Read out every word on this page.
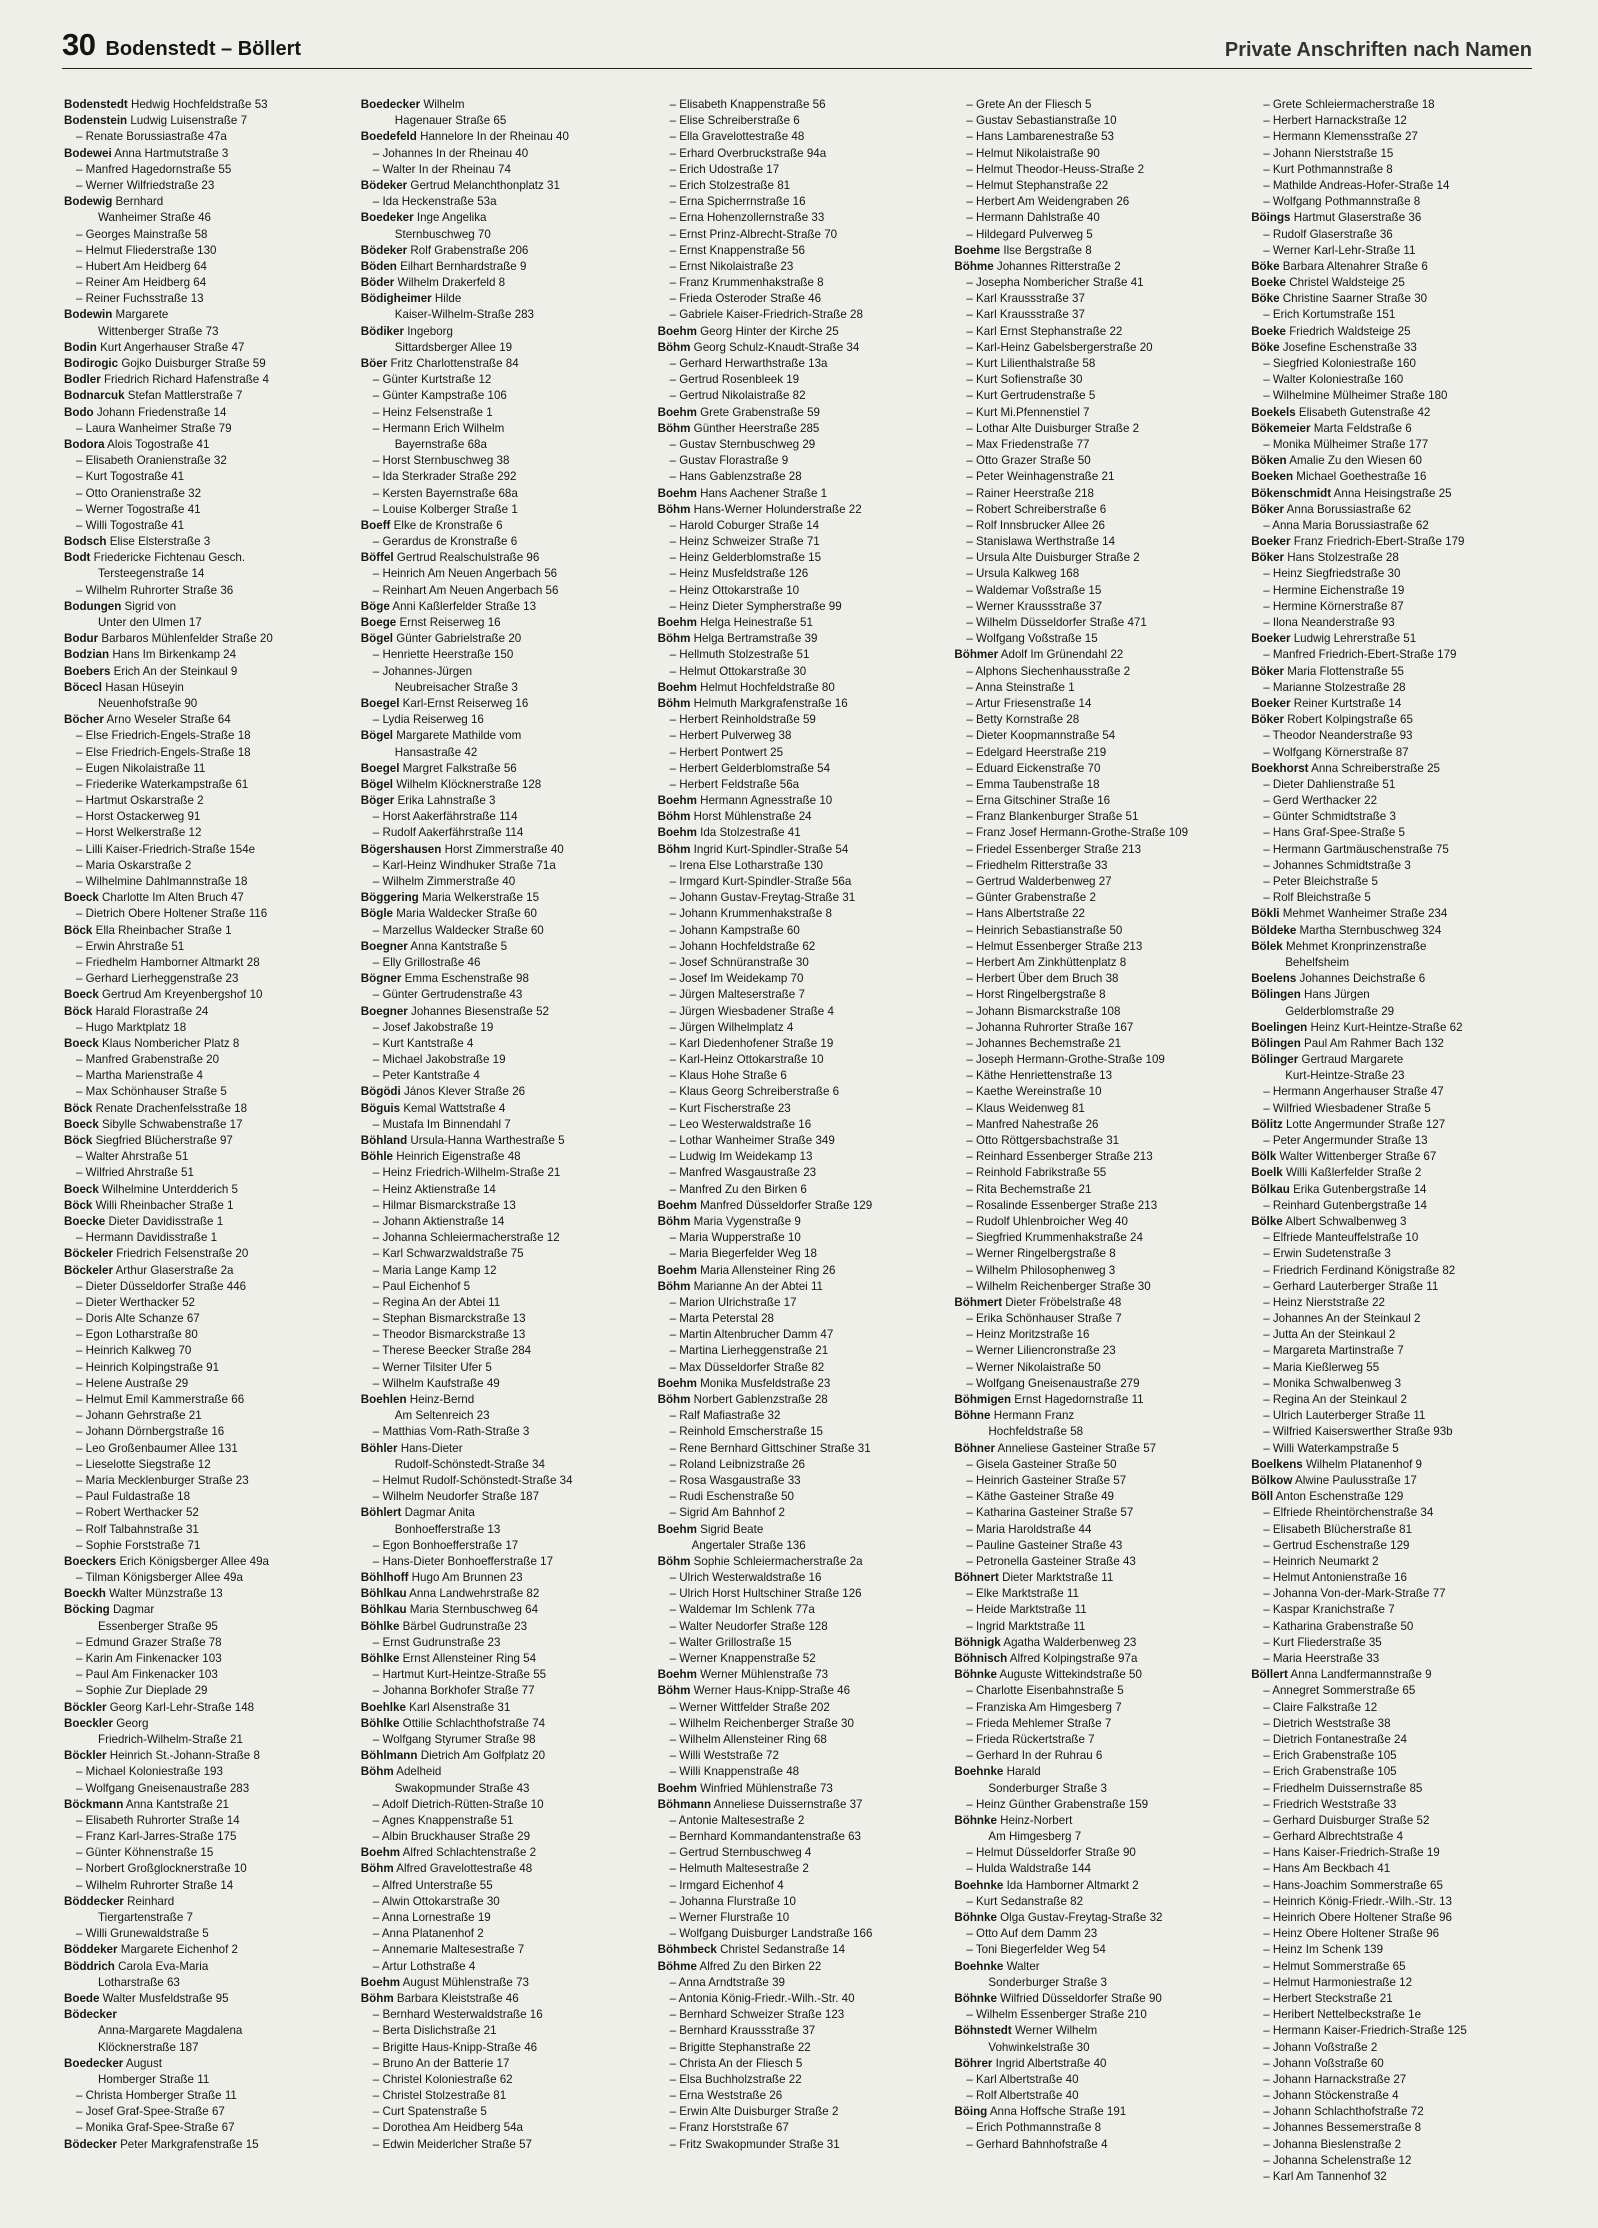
30 Bodenstedt – Böllert	Private Anschriften nach Namen
Bodenstedt Hedwig Hochfeldstraße 53
Bodenstein Ludwig Luisenstraße 7
– Renate Borussiastraße 47a
Bodewei Anna Hartmutstraße 3
– Manfred Hagedornstraße 55
– Werner Wilfriedstraße 23
Bodewig Bernhard
Wanheimer Straße 46
– Georges Mainstraße 58
– Helmut Fliederstraße 130
– Hubert Am Heidberg 64
– Reiner Am Heidberg 64
– Reiner Fuchsstraße 13
Bodewin Margarete
Wittenberger Straße 73
Bodin Kurt Angerhauser Straße 47
Bodirogic Gojko Duisburger Straße 59
Bodler Friedrich Richard Hafenstraße 4
Bodnarcuk Stefan Mattlerstraße 7
Bodo Johann Friedenstraße 14
– Laura Wanheimer Straße 79
Bodora Alois Togostraße 41
– Elisabeth Oranienstraße 32
– Kurt Togostraße 41
– Otto Oranienstraße 32
– Werner Togostraße 41
– Willi Togostraße 41
Bodsch Elise Elsterstraße 3
Bodt Friedericke Fichtenau Gesch.
Tersteegenstraße 14
– Wilhelm Ruhrorter Straße 36
Bodungen Sigrid von
Unter den Ulmen 17
Bodur Barbaros Mühlenfelder Straße 20
Bodzian Hans Im Birkenkamp 24
Boebers Erich An der Steinkaul 9
Böcecl Hasan Hüseyin
Neuenhofstraße 90
Böcher Arno Weseler Straße 64
– Else Friedrich-Engels-Straße 18
– Else Friedrich-Engels-Straße 18
– Eugen Nikolaistraße 11
– Friederike Waterkampstraße 61
– Hartmut Oskarstraße 2
– Horst Ostackerweg 91
– Horst Welkerstraße 12
– Lilli Kaiser-Friedrich-Straße 154e
– Maria Oskarstraße 2
– Wilhelmine Dahlmannstraße 18
Boeck Charlotte Im Alten Bruch 47
– Dietrich Obere Holtener Straße 116
Böck Ella Rheinbacher Straße 1
– Erwin Ahrstraße 51
– Friedhelm Hamborner Altmarkt 28
– Gerhard Lierheggenstraße 23
Boeck Gertrud Am Kreyenbergshof 10
Böck Harald Florastraße 24
– Hugo Marktplatz 18
Boeck Klaus Nombericher Platz 8
– Manfred Grabenstraße 20
– Martha Marienstraße 4
– Max Schönhauser Straße 5
Böck Renate Drachenfelsstraße 18
Boeck Sibylle Schwabenstraße 17
Böck Siegfried Blücherstraße 97
– Walter Ahrstraße 51
– Wilfried Ahrstraße 51
Boeck Wilhelmine Unterdderich 5
Böck Willi Rheinbacher Straße 1
Boecke Dieter Davidisstraße 1
– Hermann Davidisstraße 1
Böckeler Friedrich Felsenstraße 20
Böckeler Arthur Glaserstraße 2a
– Dieter Düsseldorfer Straße 446
– Dieter Werthacker 52
– Doris Alte Schanze 67
– Egon Lotharstraße 80
– Heinrich Kalkweg 70
– Heinrich Kolpingstraße 91
– Helene Austraße 29
– Helmut Emil Kammerstraße 66
– Johann Gehrstraße 21
– Johann Dörnbergstraße 16
– Leo Großenbaumer Allee 131
– Lieselotte Siegstraße 12
– Maria Mecklenburger Straße 23
– Paul Fuldastraße 18
– Robert Werthacker 52
– Rolf Talbahnstraße 31
– Sophie Forststraße 71
Boeckers Erich Königsberger Allee 49a
– Tilman Königsberger Allee 49a
Boeckh Walter Münzstraße 13
Böcking Dagmar
Essenberger Straße 95
– Edmund Grazer Straße 78
– Karin Am Finkenacker 103
– Paul Am Finkenacker 103
– Sophie Zur Dieplade 29
Böckler Georg Karl-Lehr-Straße 148
Boeckler Georg
Friedrich-Wilhelm-Straße 21
Böckler Heinrich St.-Johann-Straße 8
– Michael Koloniestraße 193
– Wolfgang Gneisenaustraße 283
Böckmann Anna Kantstraße 21
– Elisabeth Ruhrorter Straße 14
– Franz Karl-Jarres-Straße 175
– Günter Köhnenstraße 15
– Norbert Großglocknerstraße 10
– Wilhelm Ruhrorter Straße 14
Böddecker Reinhard
Tiergartenstraße 7
– Willi Grunewaldstraße 5
Böddeker Margarete Eichenhof 2
Böddrich Carola Eva-Maria
Lotharstraße 63
Boede Walter Musfeldstraße 95
Bödecker
Anna-Margarete Magdalena
Klöcknerstraße 187
Boedecker August
Homberger Straße 11
– Christa Homberger Straße 11
– Josef Graf-Spee-Straße 67
– Monika Graf-Spee-Straße 67
Bödecker Peter Markgrafenstraße 15
Boedecker Wilhelm
Hagenauer Straße 65
Boedefeld Hannelore In der Rheinau 40
– Johannes In der Rheinau 40
– Walter In der Rheinau 74
Bödeker Gertrud Melanchthonplatz 31
– Ida Heckenstraße 53a
Boedeker Inge Angelika
Sternbuschweg 70
Bödeker Rolf Grabenstraße 206
Böden Eilhart Bernhardstraße 9
Böder Wilhelm Drakerfeld 8
Bödigheimer Hilde
Kaiser-Wilhelm-Straße 283
Bödiker Ingeborg
Sittardsberger Allee 19
Böer Fritz Charlottenstraße 84
– Günter Kurtstraße 12
– Günter Kampstraße 106
– Heinz Felsenstraße 1
– Hermann Erich Wilhelm
Bayernstraße 68a
– Horst Sternbuschweg 38
– Ida Sterkrader Straße 292
– Kersten Bayernstraße 68a
– Louise Kolberger Straße 1
Boeff Elke de Kronstraße 6
– Gerardus de Kronstraße 6
Böffel Gertrud Realschulstraße 96
– Heinrich Am Neuen Angerbach 56
– Reinhart Am Neuen Angerbach 56
Böge Anni Kaßlerfelder Straße 13
Boege Ernst Reiserweg 16
Bögel Günter Gabrielstraße 20
– Henriette Heerstraße 150
– Johannes-Jürgen
Neubreisacher Straße 3
Boegel Karl-Ernst Reiserweg 16
– Lydia Reiserweg 16
Bögel Margarete Mathilde vom
Hansastraße 42
Boegel Margret Falkstraße 56
Bögel Wilhelm Klöcknerstraße 128
Böger Erika Lahnstraße 3
– Horst Aakerfährstraße 114
– Rudolf Aakerfährstraße 114
Bögershausen Horst Zimmerstraße 40
– Karl-Heinz Windhuker Straße 71a
– Wilhelm Zimmerstraße 40
Böggering Maria Welkerstraße 15
Bögle Maria Waldecker Straße 60
– Marzellus Waldecker Straße 60
Boegner Anna Kantstraße 5
– Elly Grillostraße 46
Bögner Emma Eschenstraße 98
– Günter Gertrudenstraße 43
Boegner Johannes Biesenstraße 52
– Josef Jakobstraße 19
– Kurt Kantstraße 4
– Michael Jakobstraße 19
– Peter Kantstraße 4
Bögödi János Klever Straße 26
Böguis Kemal Wattstraße 4
– Mustafa Im Binnendahl 7
Böhland Ursula-Hanna Warthestraße 5
Böhle Heinrich Eigenstraße 48
– Heinz Friedrich-Wilhelm-Straße 21
– Heinz Aktienstraße 14
– Hilmar Bismarckstraße 13
– Johann Aktienstraße 14
– Johanna Schleiermacherstraße 12
– Karl Schwarzwaldstraße 75
– Maria Lange Kamp 12
– Paul Eichenhof 5
– Regina An der Abtei 11
– Stephan Bismarckstraße 13
– Theodor Bismarckstraße 13
– Therese Beecker Straße 284
– Werner Tilsiter Ufer 5
– Wilhelm Kaufstraße 49
Boehlen Heinz-Bernd
Am Seltenreich 23
– Matthias Vom-Rath-Straße 3
Böhler Hans-Dieter
Rudolf-Schönstedt-Straße 34
– Helmut Rudolf-Schönstedt-Straße 34
– Wilhelm Neudorfer Straße 187
Böhlert Dagmar Anita
Bonhoefferstraße 13
– Egon Bonhoefferstraße 17
– Hans-Dieter Bonhoefferstraße 17
Böhlhoff Hugo Am Brunnen 23
Böhlkau Anna Landwehrstraße 82
Böhlkau Maria Sternbuschweg 64
Böhlke Bärbel Gudrunstraße 23
– Ernst Gudrunstraße 23
Böhlke Ernst Allensteiner Ring 54
– Hartmut Kurt-Heintze-Straße 55
– Johanna Borkhofer Straße 77
Boehlke Karl Alsenstraße 31
Böhlke Ottilie Schlachthofstraße 74
– Wolfgang Styrumer Straße 98
Böhlmann Dietrich Am Golfplatz 20
Böhm Adelheid
Swakopmunder Straße 43
– Adolf Dietrich-Rütten-Straße 10
– Agnes Knappenstraße 51
– Albin Bruckhauser Straße 29
Boehm Alfred Schlachtenstraße 2
Böhm Alfred Gravelottestraße 48
– Alfred Unterstraße 55
– Alwin Ottokarstraße 30
– Anna Lornestraße 19
– Anna Platanenhof 2
– Annemarie Maltesestraße 7
– Artur Lothstraße 4
Boehm August Mühlenstraße 73
Böhm Barbara Kleiststraße 46
– Bernhard Westerwaldstraße 16
– Berta Dislichstraße 21
– Brigitte Haus-Knipp-Straße 46
– Bruno An der Batterie 17
– Christel Koloniestraße 62
– Christel Stolzestraße 81
– Curt Spatenstraße 5
– Dorothea Am Heidberg 54a
– Edwin Meiderlcher Straße 57
– Elisabeth Knappenstraße 56
– Elise Schreiberstraße 6
– Ella Gravelottestraße 48
– Erhard Overbruckstraße 94a
– Erich Udostraße 17
– Erich Stolzestraße 81
– Erna Spicherrnstraße 16
– Erna Hohenzollernstraße 33
– Ernst Prinz-Albrecht-Straße 70
– Ernst Knappenstraße 56
– Ernst Nikolaistraße 23
– Franz Krummenhakstraße 8
– Frieda Osteroder Straße 46
– Gabriele Kaiser-Friedrich-Straße 28
Boehm Georg Hinter der Kirche 25
Böhm Georg Schulz-Knaudt-Straße 34
– Gerhard Herwarthstraße 13a
– Gertrud Rosenbleek 19
– Gertrud Nikolaistraße 82
Boehm Grete Grabenstraße 59
Böhm Günther Heerstraße 285
– Gustav Sternbuschweg 29
– Gustav Florastraße 9
– Hans Gablenzstraße 28
Boehm Hans Aachener Straße 1
Böhm Hans-Werner Holunderstraße 22
– Harold Coburger Straße 14
– Heinz Schweizer Straße 71
– Heinz Gelderblomstraße 15
– Heinz Musfeldstraße 126
– Heinz Ottokarstraße 10
– Heinz Dieter Sympherstraße 99
Boehm Helga Heinestraße 51
Böhm Helga Bertramstraße 39
– Hellmuth Stolzestraße 51
– Helmut Ottokarstraße 30
Boehm Helmut Hochfeldstraße 80
Böhm Helmuth Markgrafenstraße 16
– Herbert Reinholdstraße 59
– Herbert Pulverweg 38
– Herbert Pontwert 25
– Herbert Gelderblomstraße 54
– Herbert Feldstraße 56a
Boehm Hermann Agnesstraße 10
Böhm Horst Mühlenstraße 24
Boehm Ida Stolzestraße 41
Böhm Ingrid Kurt-Spindler-Straße 54
– Irena Else Lotharstraße 130
– Irmgard Kurt-Spindler-Straße 56a
– Johann Gustav-Freytag-Straße 31
– Johann Krummenhakstraße 8
– Johann Kampstraße 60
– Johann Hochfeldstraße 62
– Josef Schnüranstraße 30
– Josef Im Weidekamp 70
– Jürgen Malteserstraße 7
– Jürgen Wiesbadener Straße 4
– Jürgen Wilhelmplatz 4
– Karl Diedenhofener Straße 19
– Karl-Heinz Ottokarstraße 10
– Klaus Hohe Straße 6
– Klaus Georg Schreiberstraße 6
– Kurt Fischerstraße 23
– Leo Westerwaldstraße 16
– Lothar Wanheimer Straße 349
– Ludwig Im Weidekamp 13
– Manfred Wasgaustraße 23
– Manfred Zu den Birken 6
Boehm Manfred Düsseldorfer Straße 129
Böhm Maria Vygenstraße 9
– Maria Wupperstraße 10
– Maria Biegerfelder Weg 18
Boehm Maria Allensteiner Ring 26
Böhm Marianne An der Abtei 11
– Marion Ulrichstraße 17
– Marta Peterstal 28
– Martin Altenbrucher Damm 47
– Martina Lierheggenstraße 21
– Max Düsseldorfer Straße 82
Boehm Monika Musfeldstraße 23
Böhm Norbert Gablenzstraße 28
– Ralf Mafiastraße 32
– Reinhold Emscherstraße 15
– Rene Bernhard Gittschiner Straße 31
– Roland Leibnizstraße 26
– Rosa Wasgaustraße 33
– Rudi Eschenstraße 50
– Sigrid Am Bahnhof 2
Boehm Sigrid Beate
Angertaler Straße 136
Böhm Sophie Schleiermacherstraße 2a
– Ulrich Westerwaldstraße 16
– Ulrich Horst Hultschiner Straße 126
– Waldemar Im Schlenk 77a
– Walter Neudorfer Straße 128
– Walter Grillostraße 15
– Werner Knappenstraße 52
Boehm Werner Mühlenstraße 73
Böhm Werner Haus-Knipp-Straße 46
– Werner Wittfelder Straße 202
– Wilhelm Reichenberger Straße 30
– Wilhelm Allensteiner Ring 68
– Willi Weststraße 72
– Willi Knappenstraße 48
Boehm Winfried Mühlenstraße 73
Böhmann Anneliese Duissernstraße 37
– Antonie Maltesestraße 2
– Bernhard Kommandantenstraße 63
– Gertrud Sternbuschweg 4
– Helmuth Maltesestraße 2
– Irmgard Eichenhof 4
– Johanna Flurstraße 10
– Werner Flurstraße 10
– Wolfgang Duisburger Landstraße 166
Böhmbeck Christel Sedanstraße 14
Böhme Alfred Zu den Birken 22
– Anna Arndtstraße 39
– Antonia König-Friedr.-Wilh.-Str. 40
– Bernhard Schweizer Straße 123
– Bernhard Kraussstraße 37
– Brigitte Stephanstraße 22
– Christa An der Fliesch 5
– Elsa Buchholzstraße 22
– Erna Weststraße 26
– Erwin Alte Duisburger Straße 2
– Franz Horststraße 67
– Fritz Swakopmunder Straße 31
– Grete An der Fliesch 5
– Gustav Sebastianstraße 10
– Hans Lambarenestraße 53
– Helmut Nikolaistraße 90
– Helmut Theodor-Heuss-Straße 2
– Helmut Stephanstraße 22
– Herbert Am Weidengraben 26
– Hermann Dahlstraße 40
– Hildegard Pulverweg 5
Boehme Ilse Bergstraße 8
Böhme Johannes Ritterstraße 2
– Josepha Nombericher Straße 41
– Karl Kraussstraße 37
– Karl Kraussstraße 37
– Karl Ernst Stephanstraße 22
– Karl-Heinz Gabelsbergerstraße 20
– Kurt Lilienthalstraße 58
– Kurt Sofienstraße 30
– Kurt Gertrudenstraße 5
– Kurt Mi.Pfennenstiel 7
– Lothar Alte Duisburger Straße 2
– Max Friedenstraße 77
– Otto Grazer Straße 50
– Peter Weinhagenstraße 21
– Rainer Heerstraße 218
– Robert Schreiberstraße 6
– Rolf Innsbrucker Allee 26
– Stanislawa Werthstraße 14
– Ursula Alte Duisburger Straße 2
– Ursula Kalkweg 168
– Waldemar Voßstraße 15
– Werner Kraussstraße 37
– Wilhelm Düsseldorfer Straße 471
– Wolfgang Voßstraße 15
Böhmer Adolf Im Grünendahl 22
– Alphons Siechenhausstraße 2
– Anna Steinstraße 1
– Artur Friesenstraße 14
– Betty Kornstraße 28
– Dieter Koopmannstraße 54
– Edelgard Heerstraße 219
– Eduard Eickenstraße 70
– Emma Taubenstraße 18
– Erna Gitschiner Straße 16
– Franz Blankenburger Straße 51
– Franz Josef Hermann-Grothe-Straße 109
– Friedel Essenberger Straße 213
– Friedhelm Ritterstraße 33
– Gertrud Walderbenweg 27
– Günter Grabenstraße 2
– Hans Albertstraße 22
– Heinrich Sebastianstraße 50
– Helmut Essenberger Straße 213
– Herbert Am Zinkhüttenplatz 8
– Herbert Über dem Bruch 38
– Horst Ringelbergstraße 8
– Johann Bismarckstraße 108
– Johanna Ruhrorter Straße 167
– Johannes Bechemstraße 21
– Joseph Hermann-Grothe-Straße 109
– Käthe Henriettenstraße 13
– Kaethe Wereinstraße 10
– Klaus Weidenweg 81
– Manfred Nahestraße 26
– Otto Röttgersbachstraße 31
– Reinhard Essenberger Straße 213
– Reinhold Fabrikstraße 55
– Rita Bechemstraße 21
– Rosalinde Essenberger Straße 213
– Rudolf Uhlenbroicher Weg 40
– Siegfried Krummenhakstraße 24
– Werner Ringelbergstraße 8
– Wilhelm Philosophenweg 3
– Wilhelm Reichenberger Straße 30
Böhmert Dieter Fröbelstraße 48
– Erika Schönhauser Straße 7
– Heinz Moritzstraße 16
– Werner Liliencronstraße 23
– Werner Nikolaistraße 50
– Wolfgang Gneisenaustraße 279
Böhmigen Ernst Hagedornstraße 11
Böhne Hermann Franz
Hochfeldstraße 58
Böhner Anneliese Gasteiner Straße 57
– Gisela Gasteiner Straße 50
– Heinrich Gasteiner Straße 57
– Käthe Gasteiner Straße 49
– Katharina Gasteiner Straße 57
– Maria Haroldstraße 44
– Pauline Gasteiner Straße 43
– Petronella Gasteiner Straße 43
Böhnert Dieter Marktstraße 11
– Elke Marktstraße 11
– Heide Marktstraße 11
– Ingrid Marktstraße 11
Böhnigk Agatha Walderbenweg 23
Böhnisch Alfred Kolpingstraße 97a
Böhnke Auguste Wittekindstraße 50
– Charlotte Eisenbahnstraße 5
– Franziska Am Himgesberg 7
– Frieda Mehlemer Straße 7
– Frieda Rückertstraße 7
– Gerhard In der Ruhrau 6
Boehnke Harald
Sonderburger Straße 3
– Heinz Günther Grabenstraße 159
Böhnke Heinz-Norbert
Am Himgesberg 7
– Helmut Düsseldorfer Straße 90
– Hulda Waldstraße 144
Boehnke Ida Hamborner Altmarkt 2
– Kurt Sedanstraße 82
Böhnke Olga Gustav-Freytag-Straße 32
– Otto Auf dem Damm 23
– Toni Biegerfelder Weg 54
Boehnke Walter
Sonderburger Straße 3
Böhnke Wilfried Düsseldorfer Straße 90
– Wilhelm Essenberger Straße 210
Böhnstedt Werner Wilhelm
Vohwinkelstraße 30
Böhrer Ingrid Albertstraße 40
– Karl Albertstraße 40
– Rolf Albertstraße 40
Böing Anna Hoffsche Straße 191
– Erich Pothmannstraße 8
– Gerhard Bahnhofstraße 4
– Grete Schleiermacherstraße 18
– Herbert Harnackstraße 12
– Hermann Klemensstraße 27
– Johann Nierststraße 15
– Kurt Pothmannstraße 8
– Mathilde Andreas-Hofer-Straße 14
– Wolfgang Pothmannstraße 8
Böings Hartmut Glaserstraße 36
– Rudolf Glaserstraße 36
– Werner Karl-Lehr-Straße 11
Böke Barbara Altenahrer Straße 6
Boeke Christel Waldsteige 25
Böke Christine Saarner Straße 30
– Erich Kortumstraße 151
Boeke Friedrich Waldsteige 25
Böke Josefine Eschenstraße 33
– Siegfried Koloniestraße 160
– Walter Koloniestraße 160
– Wilhelmine Mülheimer Straße 180
Boekels Elisabeth Gutenstraße 42
Bökemeier Marta Feldstraße 6
– Monika Mülheimer Straße 177
Böken Amalie Zu den Wiesen 60
Boeken Michael Goethestraße 16
Bökenschmidt Anna Heisingstraße 25
Böker Anna Borussiastraße 62
– Anna Maria Borussiastraße 62
Boeker Franz Friedrich-Ebert-Straße 179
Böker Hans Stolzestraße 28
– Heinz Siegfriedstraße 30
– Hermine Eichenstraße 19
– Hermine Körnerstraße 87
– Ilona Neanderstraße 93
Boeker Ludwig Lehrerstraße 51
– Manfred Friedrich-Ebert-Straße 179
Böker Maria Flottenstraße 55
– Marianne Stolzestraße 28
Boeker Reiner Kurtstraße 14
Böker Robert Kolpingstraße 65
– Theodor Neanderstraße 93
– Wolfgang Körnerstraße 87
Boekhorst Anna Schreiberstraße 25
– Dieter Dahlienstraße 51
– Gerd Werthacker 22
– Günter Schmidtstraße 3
– Hans Graf-Spee-Straße 5
– Hermann Gartmäuschenstraße 75
– Johannes Schmidtstraße 3
– Peter Bleichstraße 5
– Rolf Bleichstraße 5
Bökli Mehmet Wanheimer Straße 234
Böldeke Martha Sternbuschweg 324
Bölek Mehmet Kronprinzenstraße
Behelfsheim
Boelens Johannes Deichstraße 6
Bölingen Hans Jürgen
Gelderblomstraße 29
Boelingen Heinz Kurt-Heintze-Straße 62
Bölingen Paul Am Rahmer Bach 132
Bölinger Gertraud Margarete
Kurt-Heintze-Straße 23
– Hermann Angerhauser Straße 47
– Wilfried Wiesbadener Straße 5
Bölitz Lotte Angermunder Straße 127
– Peter Angermunder Straße 13
Bölk Walter Wittenberger Straße 67
Boelk Willi Kaßlerfelder Straße 2
Bölkau Erika Gutenbergstraße 14
– Reinhard Gutenbergstraße 14
Bölke Albert Schwalbenweg 3
– Elfriede Manteuffelstraße 10
– Erwin Sudetenstraße 3
– Friedrich Ferdinand Königstraße 82
– Gerhard Lauterberger Straße 11
– Heinz Nierststraße 22
– Johannes An der Steinkaul 2
– Jutta An der Steinkaul 2
– Margareta Martinstraße 7
– Maria Kießlerweg 55
– Monika Schwalbenweg 3
– Regina An der Steinkaul 2
– Ulrich Lauterberger Straße 11
– Wilfried Kaiserswerther Straße 93b
– Willi Waterkampstraße 5
Boelkens Wilhelm Platanenhof 9
Bölkow Alwine Paulusstraße 17
Böll Anton Eschenstraße 129
– Elfriede Rheintörchenstraße 34
– Elisabeth Blücherstraße 81
– Gertrud Eschenstraße 129
– Heinrich Neumarkt 2
– Helmut Antonienstraße 16
– Johanna Von-der-Mark-Straße 77
– Kaspar Kranichstraße 7
– Katharina Grabenstraße 50
– Kurt Fliederstraße 35
– Maria Heerstraße 33
Böllert Anna Landfermannstraße 9
– Annegret Sommerstraße 65
– Claire Falkstraße 12
– Dietrich Weststraße 38
– Dietrich Fontanestraße 24
– Erich Grabenstraße 105
– Erich Grabenstraße 105
– Friedhelm Duissernstraße 85
– Friedrich Weststraße 33
– Gerhard Duisburger Straße 52
– Gerhard Albrechtstraße 4
– Hans Kaiser-Friedrich-Straße 19
– Hans Am Beckbach 41
– Hans-Joachim Sommerstraße 65
– Heinrich König-Friedr.-Wilh.-Str. 13
– Heinrich Obere Holtener Straße 96
– Heinz Obere Holtener Straße 96
– Heinz Im Schenk 139
– Helmut Sommerstraße 65
– Helmut Harmoniestraße 12
– Herbert Steckstraße 21
– Heribert Nettelbeckstraße 1e
– Hermann Kaiser-Friedrich-Straße 125
– Johann Voßstraße 2
– Johann Voßstraße 60
– Johann Harnackstraße 27
– Johann Stöckenstraße 4
– Johann Schlachthofstraße 72
– Johannes Bessemerstraße 8
– Johanna Bieslenstraße 2
– Johanna Schelenstraße 12
– Karl Am Tannenhof 32
